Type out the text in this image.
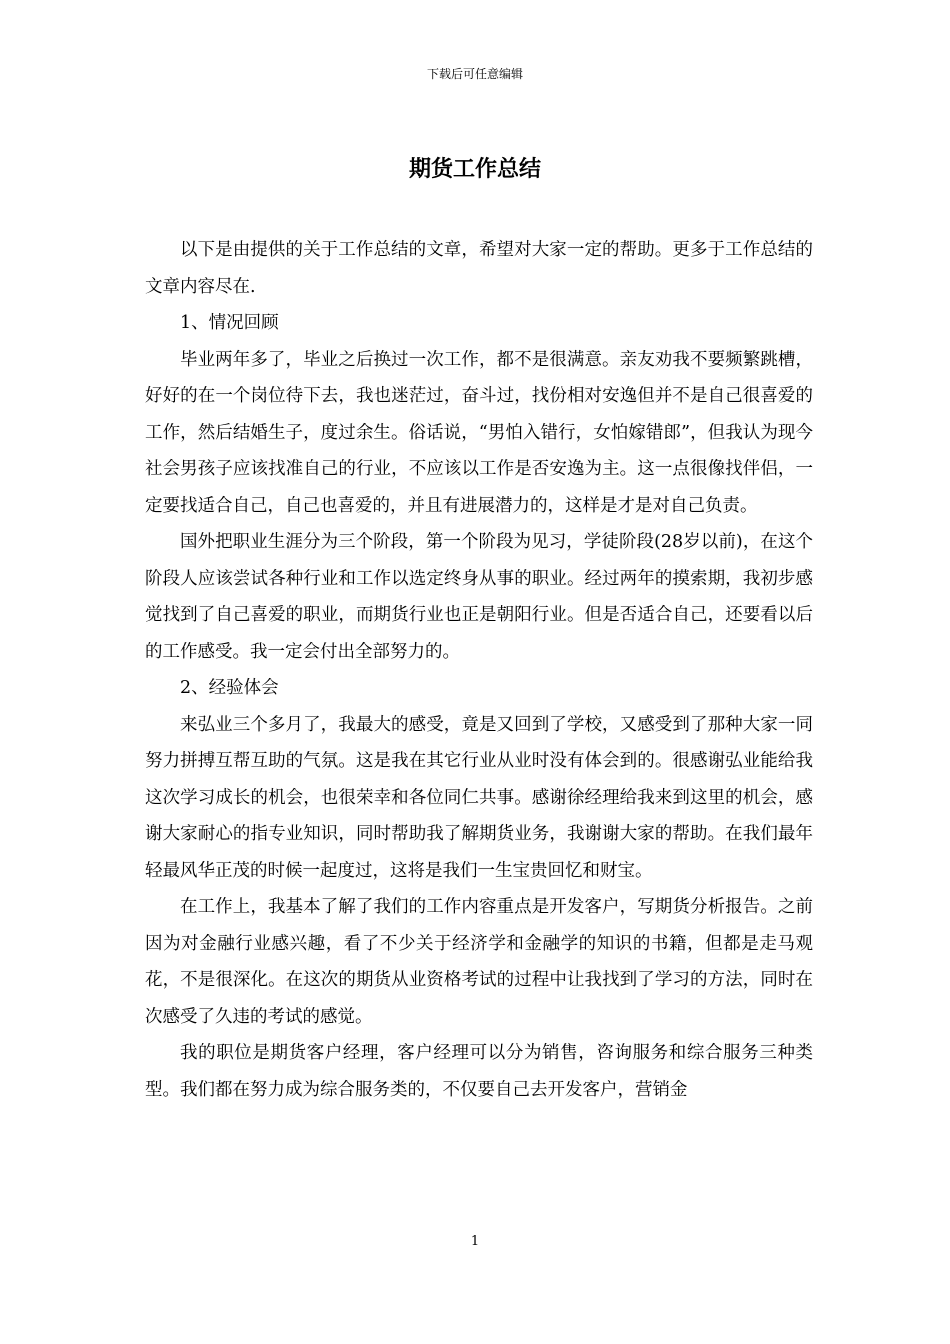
下载后可任意编辑
期货工作总结

以下是由提供的关于工作总结的文章，希望对大家一定的帮助。更多于工作总结的文章内容尽在.

1、情况回顾

毕业两年多了，毕业之后换过一次工作，都不是很满意。亲友劝我不要频繁跳槽，好好的在一个岗位待下去，我也迷茫过，奋斗过，找份相对安逸但并不是自己很喜爱的工作，然后结婚生子，度过余生。俗话说，“男怕入错行，女怕嫁错郎”，但我认为现今社会男孩子应该找准自己的行业，不应该以工作是否安逸为主。这一点很像找伴侣，一定要找适合自己，自己也喜爱的，并且有进展潜力的，这样是才是对自己负责。

国外把职业生涯分为三个阶段，第一个阶段为见习，学徒阶段(28岁以前)，在这个阶段人应该尝试各种行业和工作以选定终身从事的职业。经过两年的摸索期，我初步感觉找到了自己喜爱的职业，而期货行业也正是朝阳行业。但是否适合自己，还要看以后的工作感受。我一定会付出全部努力的。

2、经验体会

来弘业三个多月了，我最大的感受，竟是又回到了学校，又感受到了那种大家一同努力拼搏互帮互助的气氛。这是我在其它行业从业时没有体会到的。很感谢弘业能给我这次学习成长的机会，也很荣幸和各位同仁共事。感谢徐经理给我来到这里的机会，感谢大家耐心的指专业知识，同时帮助我了解期货业务，我谢谢大家的帮助。在我们最年轻最风华正茂的时候一起度过，这将是我们一生宝贵回忆和财宝。

在工作上，我基本了解了我们的工作内容重点是开发客户，写期货分析报告。之前因为对金融行业感兴趣，看了不少关于经济学和金融学的知识的书籍，但都是走马观花，不是很深化。在这次的期货从业资格考试的过程中让我找到了学习的方法，同时在次感受了久违的考试的感觉。

我的职位是期货客户经理，客户经理可以分为销售，咨询服务和综合服务三种类型。我们都在努力成为综合服务类的，不仅要自己去开发客户，营销金

1
